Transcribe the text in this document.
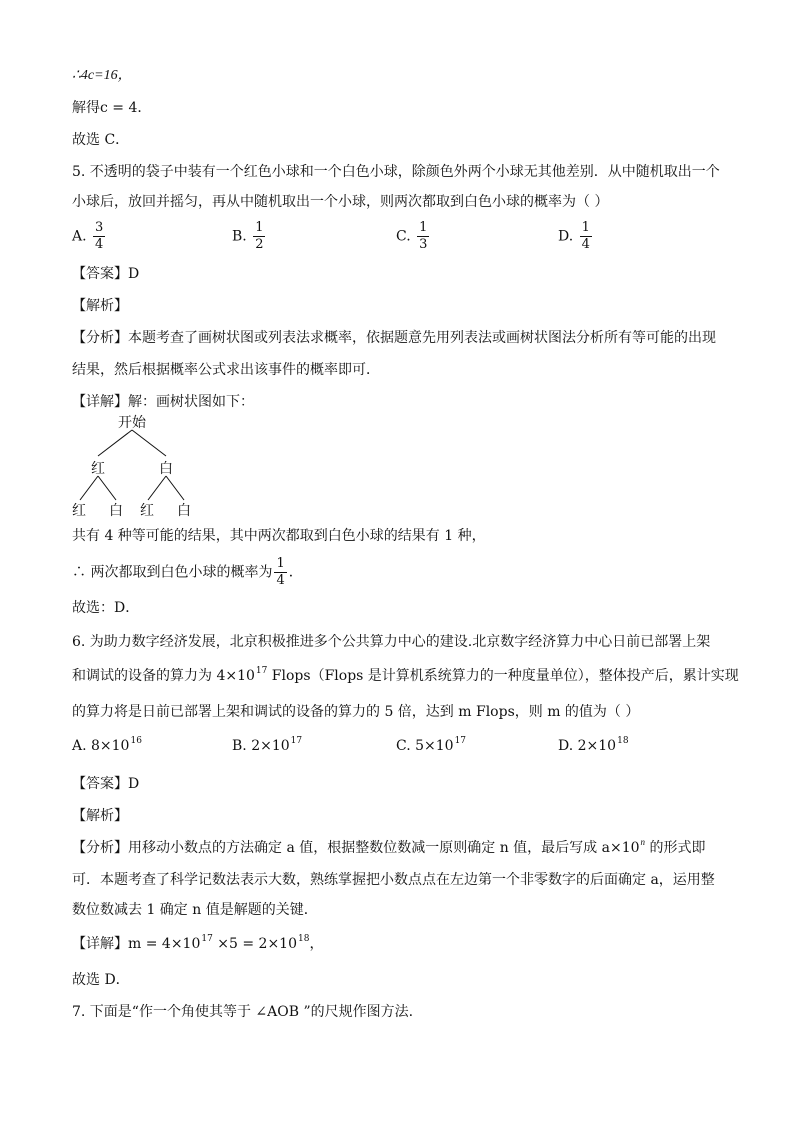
∴4c=16，
解得c = 4．
故选 C．
5. 不透明的袋子中装有一个红色小球和一个白色小球，除颜色外两个小球无其他差别．从中随机取出一个
小球后，放回并摇匀，再从中随机取出一个小球，则两次都取到白色小球的概率为（ ）
A. $\frac{3}{4}$	B. $\frac{1}{2}$	C. $\frac{1}{3}$	D. $\frac{1}{4}$
【答案】D
【解析】
【分析】本题考查了画树状图或列表法求概率，依据题意先用列表法或画树状图法分析所有等可能的出现
结果，然后根据概率公式求出该事件的概率即可．
【详解】解：画树状图如下：
开始
红	白
红 白 红 白
共有 4 种等可能的结果，其中两次都取到白色小球的结果有 1 种，
∴ 两次都取到白色小球的概率为 $\frac{1}{4}$ ．
故选：D．
6. 为助力数字经济发展，北京积极推进多个公共算力中心的建设.北京数字经济算力中心日前已部署上架
和调试的设备的算力为 $4\times 10^{17}$ Flops（Flops 是计算机系统算力的一种度量单位），整体投产后，累计实现
的算力将是日前已部署上架和调试的设备的算力的 5 倍，达到 m Flops，则 m 的值为（ ）
A. $8\times 10^{16}$	B. $2\times 10^{17}$	C. $5\times 10^{17}$	D. $2\times 10^{18}$
【答案】D
【解析】
【分析】用移动小数点的方法确定 a 值，根据整数位数减一原则确定 n 值，最后写成 $a\times 10^n$ 的形式即
可．本题考查了科学记数法表示大数，熟练掌握把小数点点在左边第一个非零数字的后面确定 a，运用整
数位数减去 1 确定 n 值是解题的关键．
【详解】$m = 4\times 10^{17} \times 5 = 2\times 10^{18}$，
故选 D．
7. 下面是“作一个角使其等于 ∠AOB ”的尺规作图方法.
